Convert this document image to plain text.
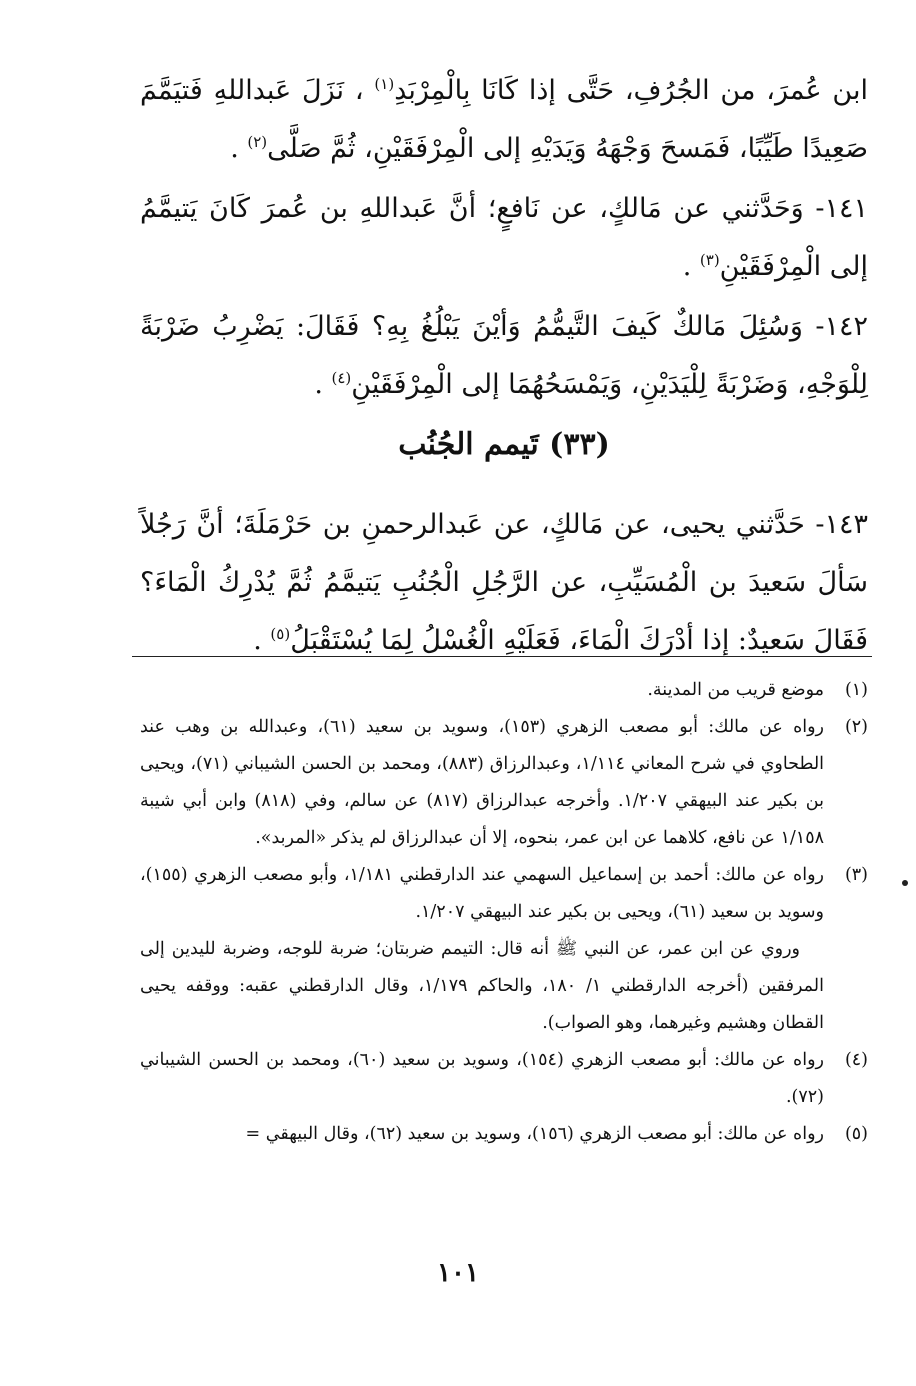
ابن عُمرَ، من الجُرُفِ، حَتَّى إذا كَانَا بِالْمِرْبَدِ$^{(١)}$ ، نَزَلَ عَبداللهِ فَتيَمَّمَ صَعِيدًا طَيِّبًا، فَمَسحَ وَجْهَهُ وَيَدَيْهِ إلى الْمِرْفَقَيْنِ، ثُمَّ صَلَّى$^{(٢)}$ .
١٤١- وَحَدَّثني عن مَالكٍ، عن نَافعٍ؛ أنَّ عَبداللهِ بن عُمرَ كَانَ يَتيمَّمُ إلى الْمِرْفَقَيْنِ$^{(٣)}$ .
١٤٢- وَسُئِلَ مَالكٌ كَيفَ التَّيمُّمُ وَأيْنَ يَبْلُغُ بِهِ؟ فَقَالَ: يَضْرِبُ ضَرْبَةً لِلْوَجْهِ، وَضَرْبَةً لِلْيَدَيْنِ، وَيَمْسَحُهُمَا إلى الْمِرْفَقَيْنِ$^{(٤)}$ .
(٣٣) تَيمم الجُنُب
١٤٣- حَدَّثني يحيى، عن مَالكٍ، عن عَبدالرحمنِ بن حَرْمَلَةَ؛ أنَّ رَجُلاً سَألَ سَعيدَ بن الْمُسَيِّبِ، عن الرَّجُلِ الْجُنُبِ يَتيمَّمُ ثُمَّ يُدْرِكُ الْمَاءَ؟ فَقَالَ سَعيدٌ: إذا أدْرَكَ الْمَاءَ، فَعَلَيْهِ الْغُسْلُ لِمَا يُسْتَقْبَلُ$^{(٥)}$ .
(١)
موضع قريب من المدينة.
(٢)
رواه عن مالك: أبو مصعب الزهري (١٥٣)، وسويد بن سعيد (٦١)، وعبدالله بن وهب عند الطحاوي في شرح المعاني ١/١١٤، وعبدالرزاق (٨٨٣)، ومحمد بن الحسن الشيباني (٧١)، ويحيى بن بكير عند البيهقي ١/٢٠٧. وأخرجه عبدالرزاق (٨١٧) عن سالم، وفي (٨١٨) وابن أبي شيبة ١/١٥٨ عن نافع، كلاهما عن ابن عمر، بنحوه، إلا أن عبدالرزاق لم يذكر «المربد».
(٣)
رواه عن مالك: أحمد بن إسماعيل السهمي عند الدارقطني ١/١٨١، وأبو مصعب الزهري (١٥٥)، وسويد بن سعيد (٦١)، ويحيى بن بكير عند البيهقي ١/٢٠٧.
وروي عن ابن عمر، عن النبي ﷺ أنه قال: التيمم ضربتان؛ ضربة للوجه، وضربة لليدين إلى المرفقين (أخرجه الدارقطني ١/ ١٨٠، والحاكم ١/١٧٩، وقال الدارقطني عقبه: ووقفه يحيى القطان وهشيم وغيرهما، وهو الصواب).
(٤)
رواه عن مالك: أبو مصعب الزهري (١٥٤)، وسويد بن سعيد (٦٠)، ومحمد بن الحسن الشيباني (٧٢).
(٥)
رواه عن مالك: أبو مصعب الزهري (١٥٦)، وسويد بن سعيد (٦٢)، وقال البيهقي =
١٠١
